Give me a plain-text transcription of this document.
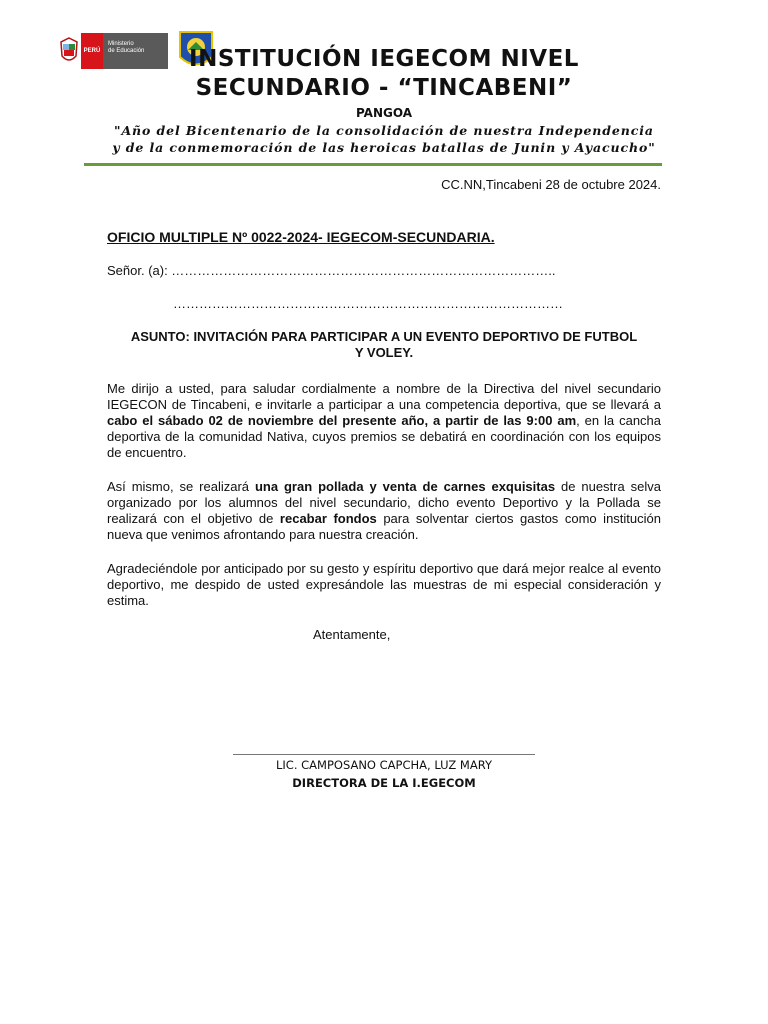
PERÚ
Ministerio
de Educación	INSTITUCIÓN IEGECOM NIVEL
SECUNDARIO - “TINCABENI”
PANGOA
"Año del Bicentenario de la consolidación de nuestra Independencia
y de la conmemoración de las heroicas batallas de Junin y Ayacucho"
CC.NN,Tincabeni 28 de octubre 2024.
OFICIO MULTIPLE Nº 0022-2024- IEGECOM-SECUNDARIA.
Señor. (a): ……………………………………………………………………………..
………………………………………………………………………………
ASUNTO: INVITACIÓN PARA PARTICIPAR A UN EVENTO DEPORTIVO DE FUTBOL
Y VOLEY.
Me dirijo a usted, para saludar cordialmente a nombre de la Directiva del nivel secundario IEGECON de Tincabeni, e invitarle a participar a una competencia deportiva, que se llevará a cabo el sábado 02 de noviembre del presente año, a partir de las 9:00 am, en la cancha deportiva de la comunidad Nativa, cuyos premios se debatirá en coordinación con los equipos de encuentro.
Así mismo, se realizará una gran pollada y venta de carnes exquisitas de nuestra selva organizado por los alumnos del nivel secundario, dicho evento Deportivo y la Pollada se realizará con el objetivo de recabar fondos para solventar ciertos gastos como institución nueva que venimos afrontando para nuestra creación.
Agradeciéndole por anticipado por su gesto y espíritu deportivo que dará mejor realce al evento deportivo, me despido de usted expresándole las muestras de mi especial consideración y estima.
Atentamente,
LIC. CAMPOSANO CAPCHA, LUZ MARY
DIRECTORA DE LA I.EGECOM
